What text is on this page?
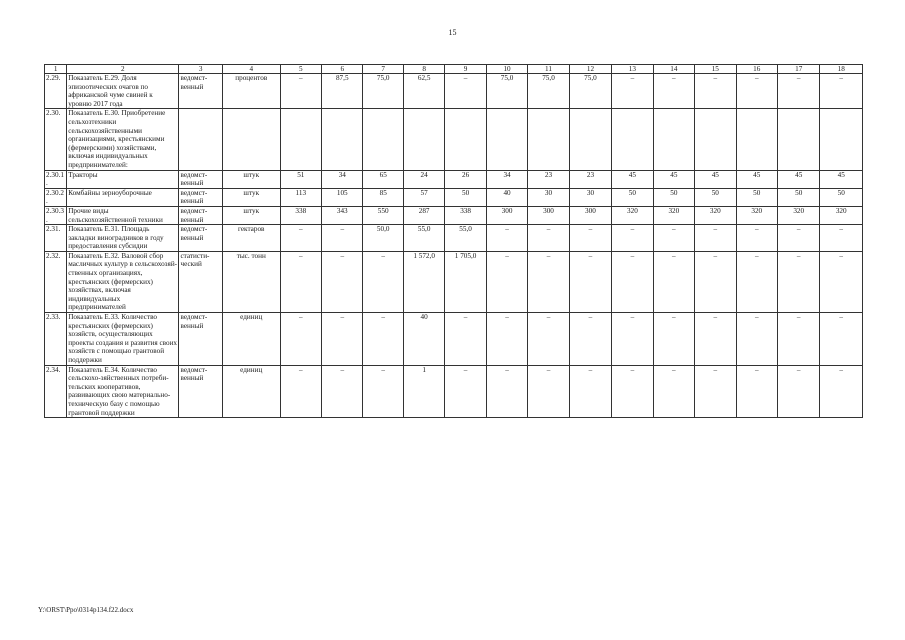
15
1	2	3	4	5	6	7	8	9	10	11	12	13	14	15	16	17	18
2.29.	Показатель Е.29. Доля эпизоотических очагов по африканской чуме свиней к уровню 2017 года	ведомст-венный	процентов	–	87,5	75,0	62,5	–	75,0	75,0	75,0	–	–	–	–	–	–
2.30.	Показатель Е.30. Приобретение сельхозтехники сельскохозяйственными организациями, крестьянскими (фермерскими) хозяйствами, включая индивидуальных предпринимателей:																
2.30.1.	Тракторы	ведомст-венный	штук	51	34	65	24	26	34	23	23	45	45	45	45	45	45
2.30.2.	Комбайны зерноуборочные	ведомст-венный	штук	113	105	85	57	50	40	30	30	50	50	50	50	50	50
2.30.3.	Прочие виды сельскохозяйственной техники	ведомст-венный	штук	338	343	550	287	338	300	300	300	320	320	320	320	320	320
2.31.	Показатель Е.31. Площадь закладки виноградников в году предоставления субсидии	ведомст-венный	гектаров	–	–	50,0	55,0	55,0	–	–	–	–	–	–	–	–	–
2.32.	Показатель Е.32. Валовой сбор масличных культур в сельскохозяй-ственных организациях, крестьянских (фермерских) хозяйствах, включая индивидуальных предпринимателей	статисти-ческий	тыс. тонн	–	–	–	1 572,0	1 705,0	–	–	–	–	–	–	–	–	–
2.33.	Показатель Е.33. Количество крестьянских (фермерских) хозяйств, осуществляющих проекты создания и развития своих хозяйств с помощью грантовой поддержки	ведомст-венный	единиц	–	–	–	40	–	–	–	–	–	–	–	–	–	–
2.34.	Показатель Е.34. Количество сельскохо-зяйственных потреби-тельских кооперативов, развивающих свою материально-техническую базу с помощью грантовой поддержки	ведомст-венный	единиц	–	–	–	1	–	–	–	–	–	–	–	–	–	–
Y:\ORST\Ppo\0314p134.f22.docx
